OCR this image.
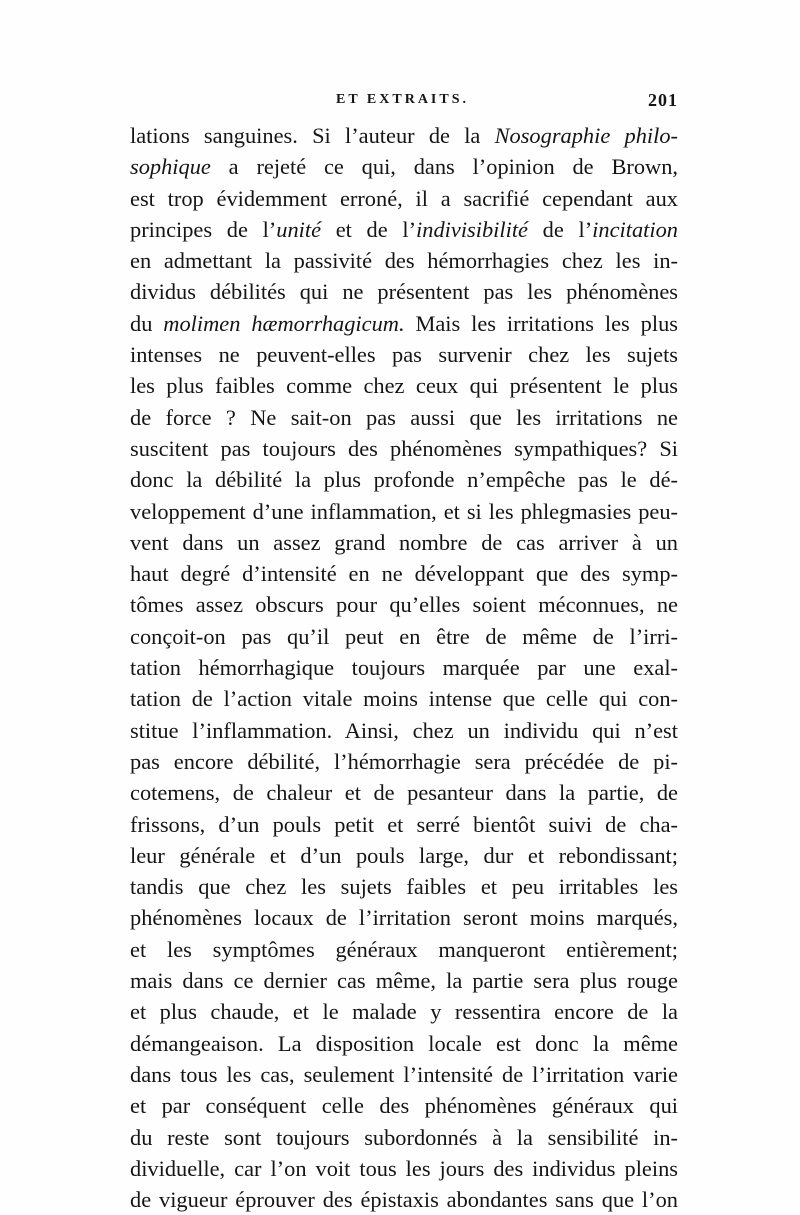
ET EXTRAITS.	201
lations sanguines. Si l’auteur de la Nosographie philo-
sophique a rejeté ce qui, dans l’opinion de Brown,
est trop évidemment erroné, il a sacrifié cependant aux
principes de l’unité et de l’indivisibilité de l’incitation
en admettant la passivité des hémorrhagies chez les in-
dividus débilités qui ne présentent pas les phénomènes
du molimen hæmorrhagicum. Mais les irritations les plus
intenses ne peuvent-elles pas survenir chez les sujets
les plus faibles comme chez ceux qui présentent le plus
de force ? Ne sait-on pas aussi que les irritations ne
suscitent pas toujours des phénomènes sympathiques? Si
donc la débilité la plus profonde n’empêche pas le dé-
veloppement d’une inflammation, et si les phlegmasies peu-
vent dans un assez grand nombre de cas arriver à un
haut degré d’intensité en ne développant que des symp-
tômes assez obscurs pour qu’elles soient méconnues, ne
conçoit-on pas qu’il peut en être de même de l’irri-
tation hémorrhagique toujours marquée par une exal-
tation de l’action vitale moins intense que celle qui con-
stitue l’inflammation. Ainsi, chez un individu qui n’est
pas encore débilité, l’hémorrhagie sera précédée de pi-
cotemens, de chaleur et de pesanteur dans la partie, de
frissons, d’un pouls petit et serré bientôt suivi de cha-
leur générale et d’un pouls large, dur et rebondissant;
tandis que chez les sujets faibles et peu irritables les
phénomènes locaux de l’irritation seront moins marqués,
et les symptômes généraux manqueront entièrement;
mais dans ce dernier cas même, la partie sera plus rouge
et plus chaude, et le malade y ressentira encore de la
démangeaison. La disposition locale est donc la même
dans tous les cas, seulement l’intensité de l’irritation varie
et par conséquent celle des phénomènes généraux qui
du reste sont toujours subordonnés à la sensibilité in-
dividuelle, car l’on voit tous les jours des individus pleins
de vigueur éprouver des épistaxis abondantes sans que l’on
